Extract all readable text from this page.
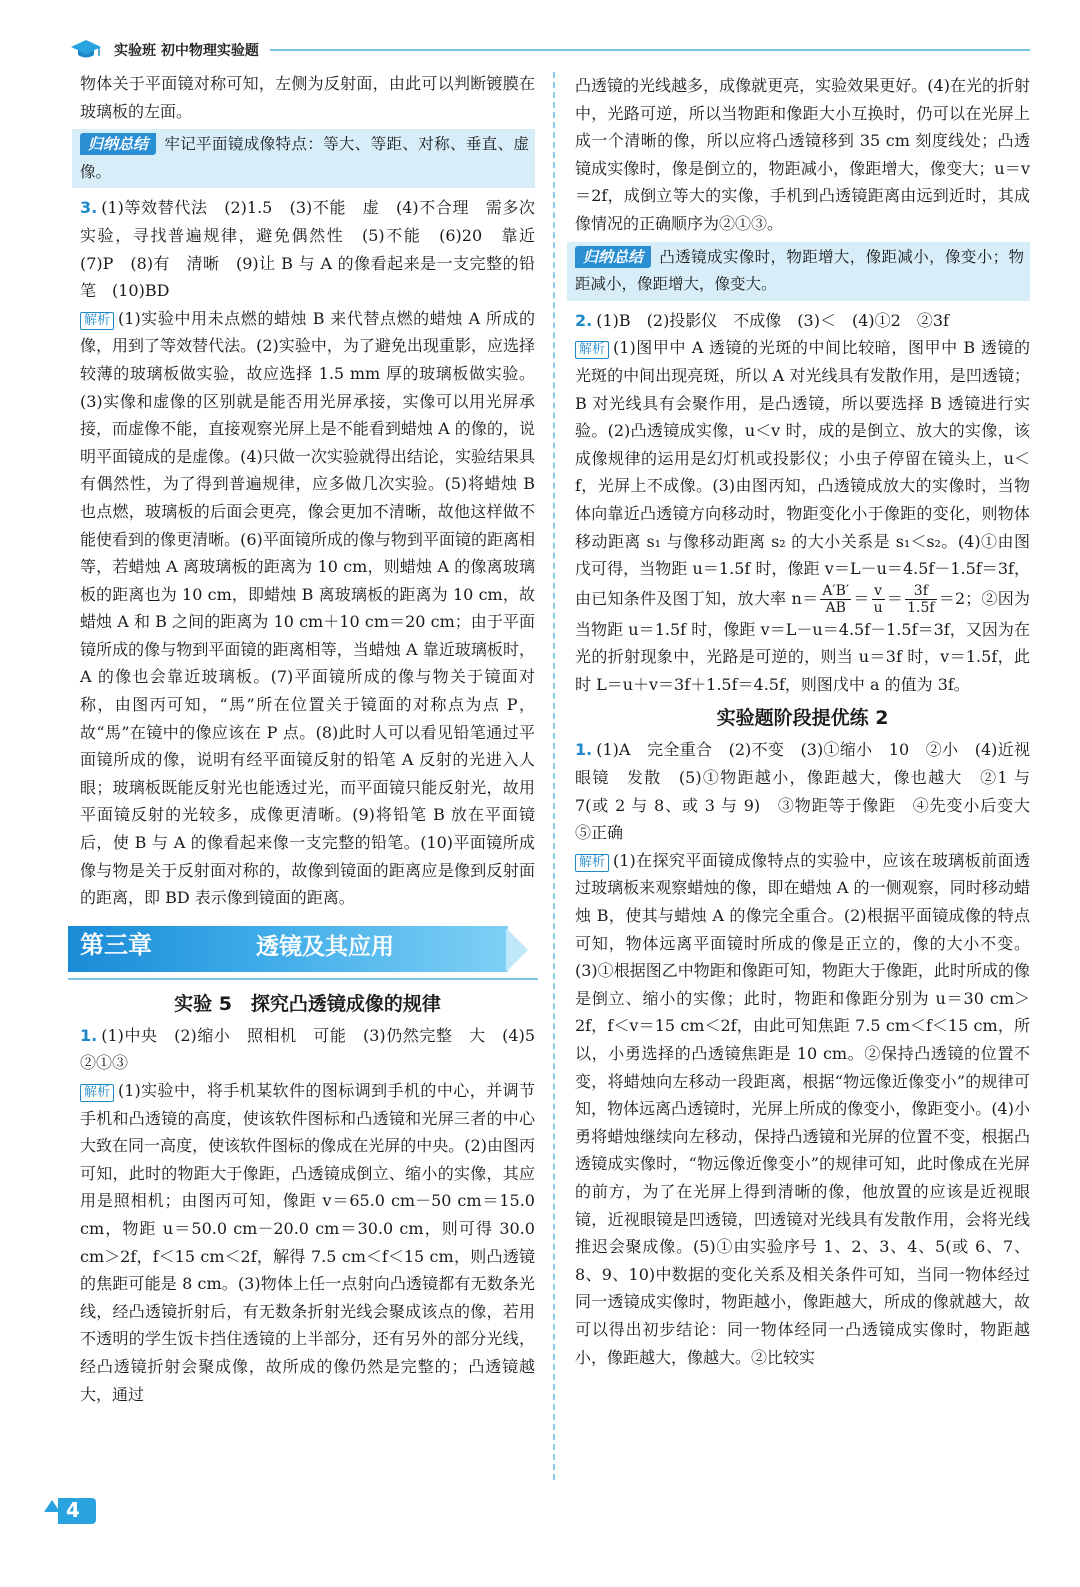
实验班 初中物理实验题

物体关于平面镜对称可知，左侧为反射面，由此可以判断镀膜在玻璃板的左面。

归纳总结 牢记平面镜成像特点：等大、等距、对称、垂直、虚像。

3. (1)等效替代法　(2)1.5　(3)不能　虚　(4)不合理　需多次实验，寻找普遍规律，避免偶然性　(5)不能　(6)20　靠近　(7)P　(8)有　清晰　(9)让 B 与 A 的像看起来是一支完整的铅笔　(10)BD

解析 (1)实验中用未点燃的蜡烛 B 来代替点燃的蜡烛 A 所成的像，用到了等效替代法。(2)实验中，为了避免出现重影，应选择较薄的玻璃板做实验，故应选择 1.5 mm 厚的玻璃板做实验。(3)实像和虚像的区别就是能否用光屏承接，实像可以用光屏承接，而虚像不能，直接观察光屏上是不能看到蜡烛 A 的像的，说明平面镜成的是虚像。(4)只做一次实验就得出结论，实验结果具有偶然性，为了得到普遍规律，应多做几次实验。(5)将蜡烛 B 也点燃，玻璃板的后面会更亮，像会更加不清晰，故他这样做不能使看到的像更清晰。(6)平面镜所成的像与物到平面镜的距离相等，若蜡烛 A 离玻璃板的距离为 10 cm，则蜡烛 A 的像离玻璃板的距离也为 10 cm，即蜡烛 B 离玻璃板的距离为 10 cm，故蜡烛 A 和 B 之间的距离为 10 cm＋10 cm＝20 cm；由于平面镜所成的像与物到平面镜的距离相等，当蜡烛 A 靠近玻璃板时，A 的像也会靠近玻璃板。(7)平面镜所成的像与物关于镜面对称，由图丙可知，“馬”所在位置关于镜面的对称点为点 P，故“馬”在镜中的像应该在 P 点。(8)此时人可以看见铅笔通过平面镜所成的像，说明有经平面镜反射的铅笔 A 反射的光进入人眼；玻璃板既能反射光也能透过光，而平面镜只能反射光，故用平面镜反射的光较多，成像更清晰。(9)将铅笔 B 放在平面镜后，使 B 与 A 的像看起来像一支完整的铅笔。(10)平面镜所成像与物是关于反射面对称的，故像到镜面的距离应是像到反射面的距离，即 BD 表示像到镜面的距离。

第三章	透镜及其应用
实验 5　探究凸透镜成像的规律

1. (1)中央　(2)缩小　照相机　可能　(3)仍然完整　大　(4)5　②①③

解析 (1)实验中，将手机某软件的图标调到手机的中心，并调节手机和凸透镜的高度，使该软件图标和凸透镜和光屏三者的中心大致在同一高度，使该软件图标的像成在光屏的中央。(2)由图丙可知，此时的物距大于像距，凸透镜成倒立、缩小的实像，其应用是照相机；由图丙可知，像距 v＝65.0 cm－50 cm＝15.0 cm，物距 u＝50.0 cm－20.0 cm＝30.0 cm，则可得 30.0 cm＞2f，f＜15 cm＜2f，解得 7.5 cm＜f＜15 cm，则凸透镜的焦距可能是 8 cm。(3)物体上任一点射向凸透镜都有无数条光线，经凸透镜折射后，有无数条折射光线会聚成该点的像，若用不透明的学生饭卡挡住透镜的上半部分，还有另外的部分光线，经凸透镜折射会聚成像，故所成的像仍然是完整的；凸透镜越大，通过

凸透镜的光线越多，成像就更亮，实验效果更好。(4)在光的折射中，光路可逆，所以当物距和像距大小互换时，仍可以在光屏上成一个清晰的像，所以应将凸透镜移到 35 cm 刻度线处；凸透镜成实像时，像是倒立的，物距减小，像距增大，像变大；u＝v＝2f，成倒立等大的实像，手机到凸透镜距离由远到近时，其成像情况的正确顺序为②①③。

归纳总结 凸透镜成实像时，物距增大，像距减小，像变小；物距减小，像距增大，像变大。

2. (1)B　(2)投影仪　不成像　(3)＜　(4)①2　②3f

解析 (1)图甲中 A 透镜的光斑的中间比较暗，图甲中 B 透镜的光斑的中间出现亮斑，所以 A 对光线具有发散作用，是凹透镜；B 对光线具有会聚作用，是凸透镜，所以要选择 B 透镜进行实验。(2)凸透镜成实像，u＜v 时，成的是倒立、放大的实像，该成像规律的运用是幻灯机或投影仪；小虫子停留在镜头上，u＜f，光屏上不成像。(3)由图丙知，凸透镜成放大的实像时，当物体向靠近凸透镜方向移动时，物距变化小于像距的变化，则物体移动距离 s₁ 与像移动距离 s₂ 的大小关系是 s₁＜s₂。(4)①由图戊可得，当物距 u＝1.5f 时，像距 v＝L－u＝4.5f－1.5f＝3f，由已知条件及图丁知，放大率 $n= \frac{A'B'}{AB} = \frac{v}{u} = \frac{3f}{1.5f} =2$；②因为当物距 u＝1.5f 时，像距 v＝L－u＝4.5f－1.5f＝3f，又因为在光的折射现象中，光路是可逆的，则当 u＝3f 时，v＝1.5f，此时 L＝u＋v＝3f＋1.5f＝4.5f，则图戊中 a 的值为 3f。

实验题阶段提优练 2

1. (1)A　完全重合　(2)不变　(3)①缩小　10　②小　(4)近视眼镜　发散　(5)①物距越小，像距越大，像也越大　②1 与 7(或 2 与 8、或 3 与 9)　③物距等于像距　④先变小后变大　⑤正确

解析 (1)在探究平面镜成像特点的实验中，应该在玻璃板前面透过玻璃板来观察蜡烛的像，即在蜡烛 A 的一侧观察，同时移动蜡烛 B，使其与蜡烛 A 的像完全重合。(2)根据平面镜成像的特点可知，物体远离平面镜时所成的像是正立的，像的大小不变。(3)①根据图乙中物距和像距可知，物距大于像距，此时所成的像是倒立、缩小的实像；此时，物距和像距分别为 u＝30 cm＞2f，f＜v＝15 cm＜2f，由此可知焦距 7.5 cm＜f＜15 cm，所以，小勇选择的凸透镜焦距是 10 cm。②保持凸透镜的位置不变，将蜡烛向左移动一段距离，根据“物远像近像变小”的规律可知，物体远离凸透镜时，光屏上所成的像变小，像距变小。(4)小勇将蜡烛继续向左移动，保持凸透镜和光屏的位置不变，根据凸透镜成实像时，“物远像近像变小”的规律可知，此时像成在光屏的前方，为了在光屏上得到清晰的像，他放置的应该是近视眼镜，近视眼镜是凹透镜，凹透镜对光线具有发散作用，会将光线推迟会聚成像。(5)①由实验序号 1、2、3、4、5(或 6、7、8、9、10)中数据的变化关系及相关条件可知，当同一物体经过同一透镜成实像时，物距越小，像距越大，所成的像就越大，故可以得出初步结论：同一物体经同一凸透镜成实像时，物距越小，像距越大，像越大。②比较实

4
